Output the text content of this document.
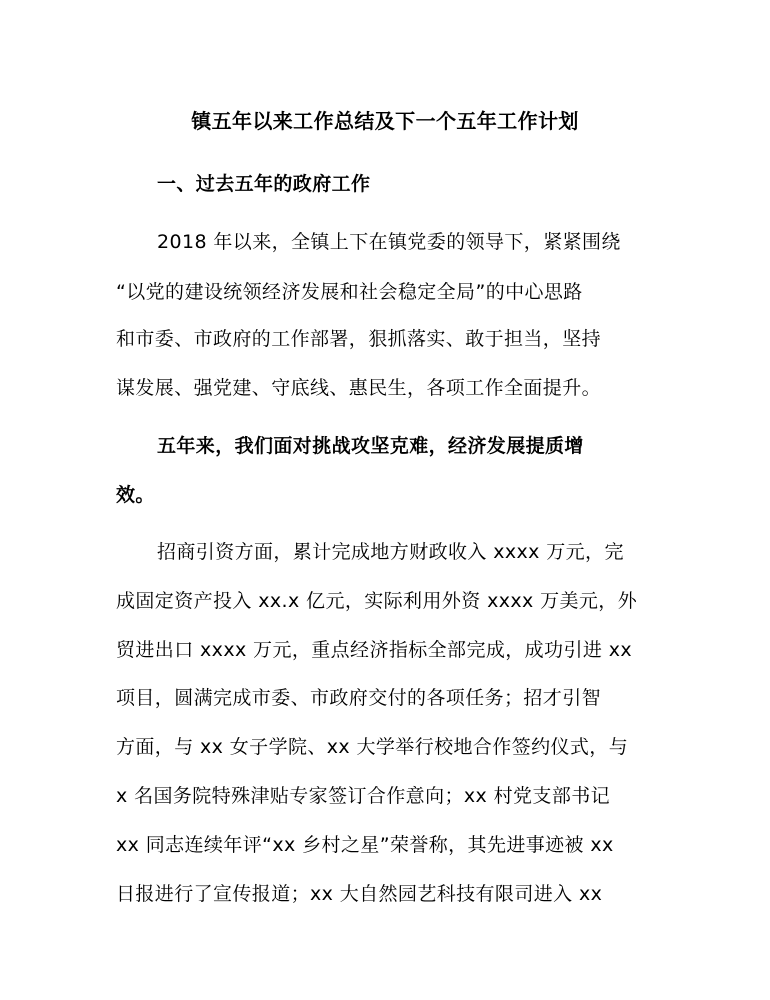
镇五年以来工作总结及下一个五年工作计划
一、过去五年的政府工作
2018 年以来，全镇上下在镇党委的领导下，紧紧围绕
“以党的建设统领经济发展和社会稳定全局”的中心思路
和市委、市政府的工作部署，狠抓落实、敢于担当，坚持
谋发展、强党建、守底线、惠民生，各项工作全面提升。
五年来，我们面对挑战攻坚克难，经济发展提质增
效。
招商引资方面，累计完成地方财政收入 xxxx 万元，完
成固定资产投入 xx.x 亿元，实际利用外资 xxxx 万美元，外
贸进出口 xxxx 万元，重点经济指标全部完成，成功引进 xx
项目，圆满完成市委、市政府交付的各项任务；招才引智
方面，与 xx 女子学院、xx 大学举行校地合作签约仪式，与
x 名国务院特殊津贴专家签订合作意向；xx 村党支部书记
xx 同志连续年评“xx 乡村之星”荣誉称，其先进事迹被 xx
日报进行了宣传报道；xx 大自然园艺科技有限司进入 xx
